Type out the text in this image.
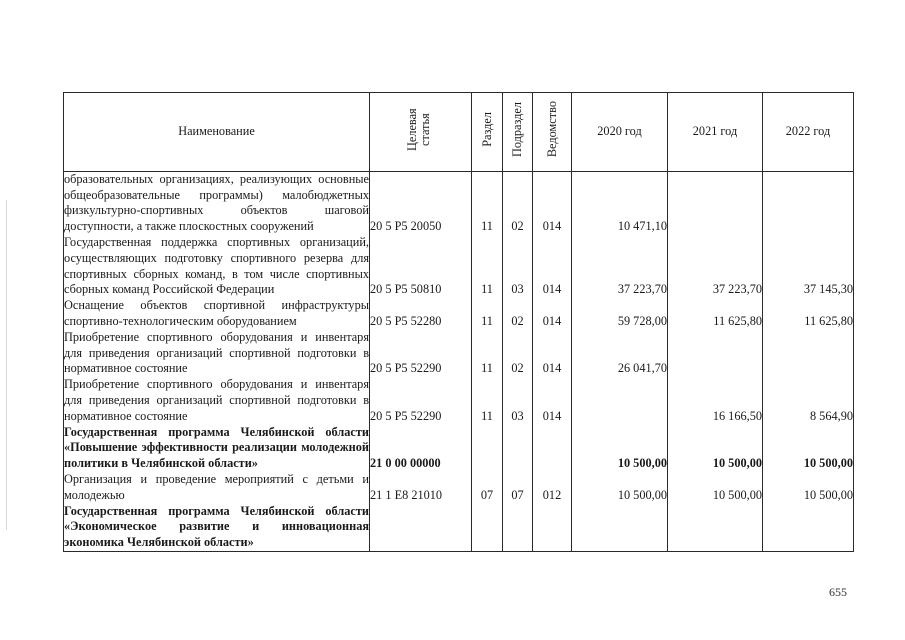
Наименование	Целевая статья	Раздел	Подраздел	Ведомство	2020 год	2021 год	2022 год
образовательных организациях, реализующих основные общеобразовательные программы) малобюджетных физкультурно-спортивных объектов шаговой доступности, а также плоскостных сооружений	20 5 P5 20050	11	02	014	10 471,10		
Государственная поддержка спортивных организаций, осуществляющих подготовку спортивного резерва для спортивных сборных команд, в том числе спортивных сборных команд Российской Федерации	20 5 P5 50810	11	03	014	37 223,70	37 223,70	37 145,30
Оснащение объектов спортивной инфраструктуры спортивно-технологическим оборудованием	20 5 P5 52280	11	02	014	59 728,00	11 625,80	11 625,80
Приобретение спортивного оборудования и инвентаря для приведения организаций спортивной подготовки в нормативное состояние	20 5 P5 52290	11	02	014	26 041,70		
Приобретение спортивного оборудования и инвентаря для приведения организаций спортивной подготовки в нормативное состояние	20 5 P5 52290	11	03	014		16 166,50	8 564,90
Государственная программа Челябинской области «Повышение эффективности реализации молодежной политики в Челябинской области»	21 0 00 00000				10 500,00	10 500,00	10 500,00
Организация и проведение мероприятий с детьми и молодежью	21 1 E8 21010	07	07	012	10 500,00	10 500,00	10 500,00
Государственная программа Челябинской области «Экономическое развитие и инновационная экономика Челябинской области»							
655
